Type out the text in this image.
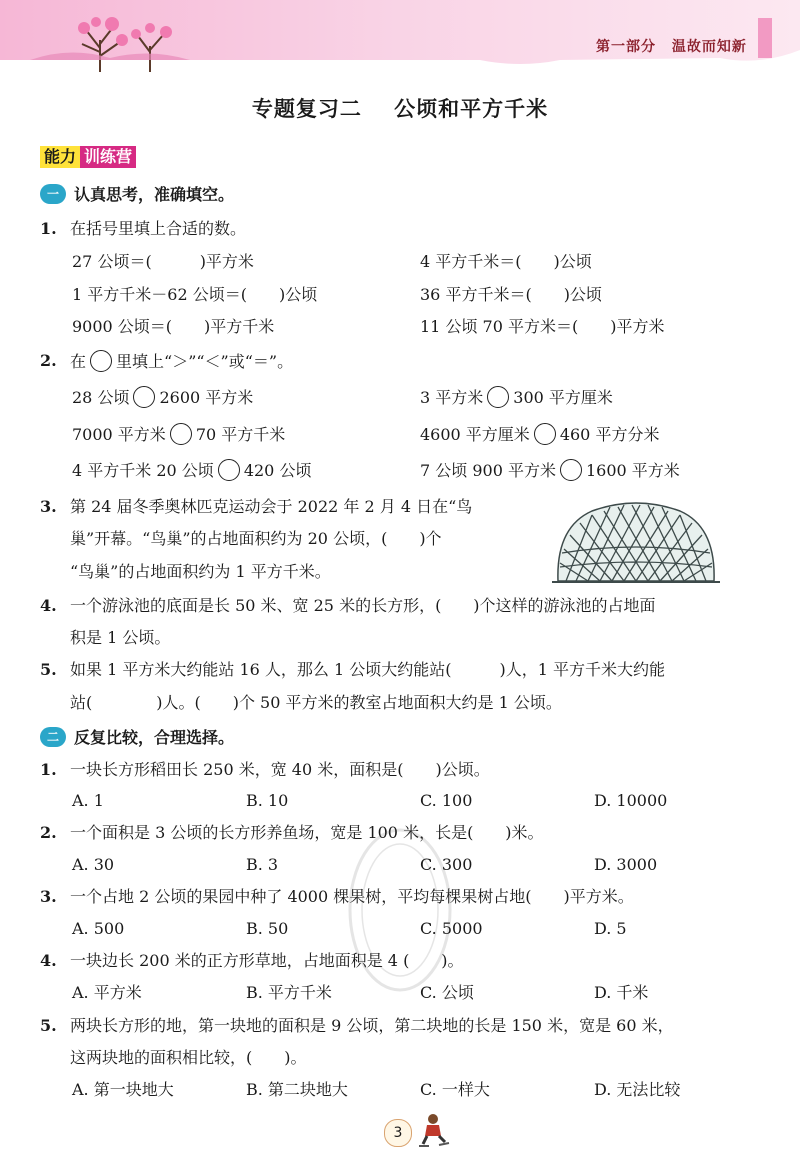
第一部分 温故而知新
专题复习二 公顷和平方千米
能力 训练营
一 认真思考，准确填空。
1. 在括号里填上合适的数。
27 公顷＝(　　　)平方米	4 平方千米＝(　　)公顷
1 平方千米－62 公顷＝(　　)公顷	36 平方千米＝(　　)公顷
9000 公顷＝(　　)平方千米	11 公顷 70 平方米＝(　　)平方米
2. 在 里填上“＞”“＜”或“＝”。
28 公顷 2600 平方米	3 平方米 300 平方厘米
7000 平方米 70 平方千米	4600 平方厘米 460 平方分米
4 平方千米 20 公顷 420 公顷	7 公顷 900 平方米 1600 平方米
3. 第 24 届冬季奥林匹克运动会于 2022 年 2 月 4 日在“鸟
巢”开幕。“鸟巢”的占地面积约为 20 公顷，(　　)个
“鸟巢”的占地面积约为 1 平方千米。
4. 一个游泳池的底面是长 50 米、宽 25 米的长方形，(　　)个这样的游泳池的占地面
积是 1 公顷。
5. 如果 1 平方米大约能站 16 人，那么 1 公顷大约能站(　　　)人，1 平方千米大约能
站(　　　　)人。(　　)个 50 平方米的教室占地面积大约是 1 公顷。
二 反复比较，合理选择。
1. 一块长方形稻田长 250 米，宽 40 米，面积是(　　)公顷。
A. 1	B. 10	C. 100	D. 10000
2. 一个面积是 3 公顷的长方形养鱼场，宽是 100 米，长是(　　)米。
A. 30	B. 3	C. 300	D. 3000
3. 一个占地 2 公顷的果园中种了 4000 棵果树，平均每棵果树占地(　　)平方米。
A. 500	B. 50	C. 5000	D. 5
4. 一块边长 200 米的正方形草地，占地面积是 4 (　　)。
A. 平方米	B. 平方千米	C. 公顷	D. 千米
5. 两块长方形的地，第一块地的面积是 9 公顷，第二块地的长是 150 米，宽是 60 米，
这两块地的面积相比较，(　　)。
A. 第一块地大	B. 第二块地大	C. 一样大	D. 无法比较
3
